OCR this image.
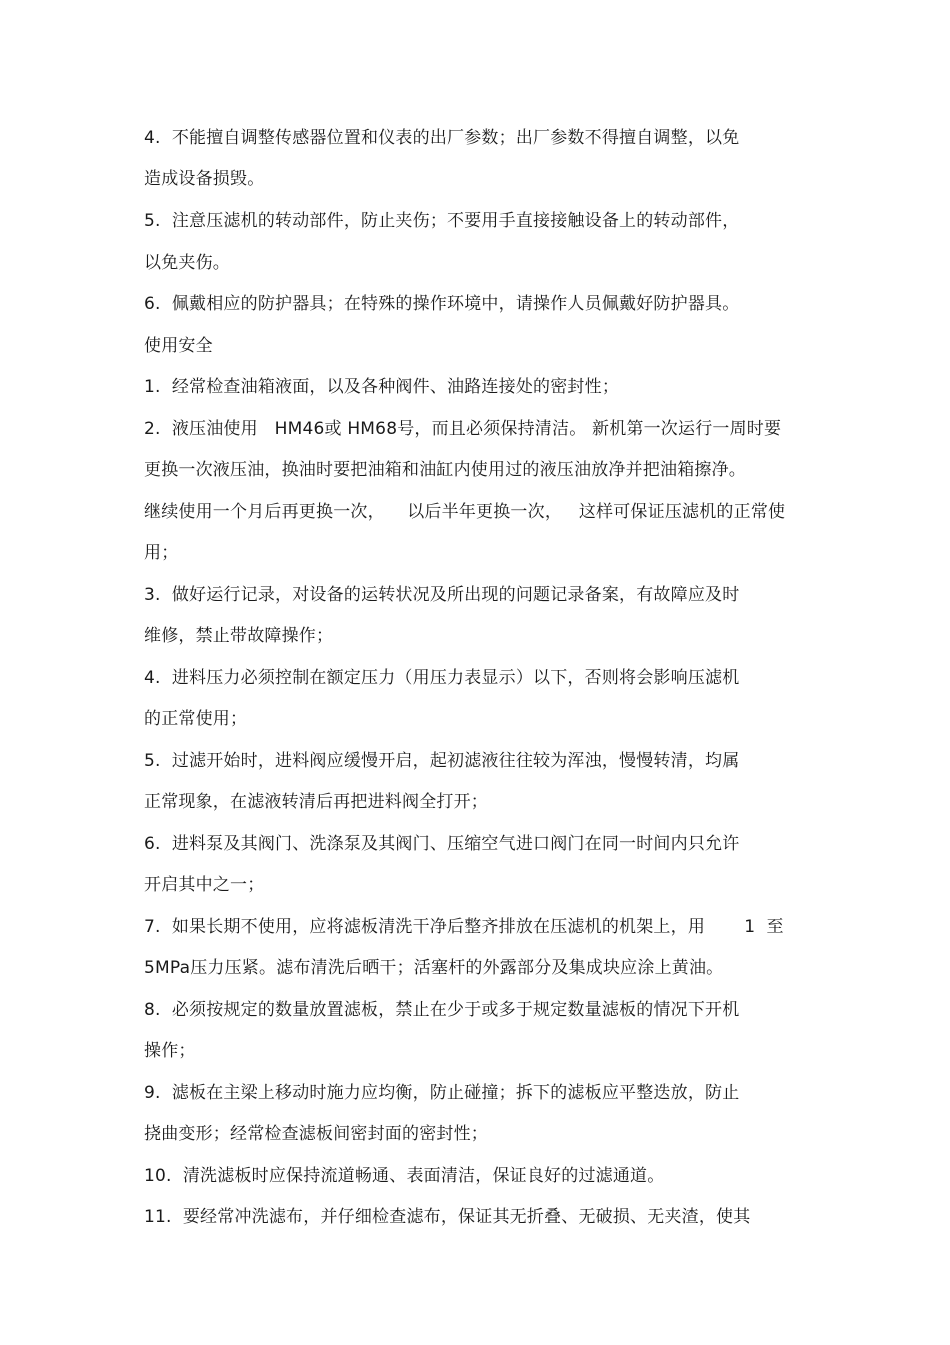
4.  不能擅自调整传感器位置和仪表的出厂参数；出厂参数不得擅自调整，以免
造成设备损毁。
5.  注意压滤机的转动部件，防止夹伤；不要用手直接接触设备上的转动部件，
以免夹伤。
6.  佩戴相应的防护器具；在特殊的操作环境中，请操作人员佩戴好防护器具。
使用安全
1.  经常检查油箱液面，以及各种阀件、油路连接处的密封性；
2.  液压油使用   HM46或 HM68号，而且必须保持清洁。 新机第一次运行一周时要
更换一次液压油，换油时要把油箱和油缸内使用过的液压油放净并把油箱擦净。
继续使用一个月后再更换一次，    以后半年更换一次，   这样可保证压滤机的正常使
用；
3.  做好运行记录，对设备的运转状况及所出现的问题记录备案，有故障应及时
维修，禁止带故障操作；
4.  进料压力必须控制在额定压力（用压力表显示）以下，否则将会影响压滤机
的正常使用；
5.  过滤开始时，进料阀应缓慢开启，起初滤液往往较为浑浊，慢慢转清，均属
正常现象，在滤液转清后再把进料阀全打开；
6.  进料泵及其阀门、洗涤泵及其阀门、压缩空气进口阀门在同一时间内只允许
开启其中之一；
7.  如果长期不使用，应将滤板清洗干净后整齐排放在压滤机的机架上，用       1  至
5MPa压力压紧。滤布清洗后晒干；活塞杆的外露部分及集成块应涂上黄油。
8.  必须按规定的数量放置滤板，禁止在少于或多于规定数量滤板的情况下开机
操作；
9.  滤板在主梁上移动时施力应均衡，防止碰撞；拆下的滤板应平整迭放，防止
挠曲变形；经常检查滤板间密封面的密封性；
10.  清洗滤板时应保持流道畅通、表面清洁，保证良好的过滤通道。
11.  要经常冲洗滤布，并仔细检查滤布，保证其无折叠、无破损、无夹渣，使其
